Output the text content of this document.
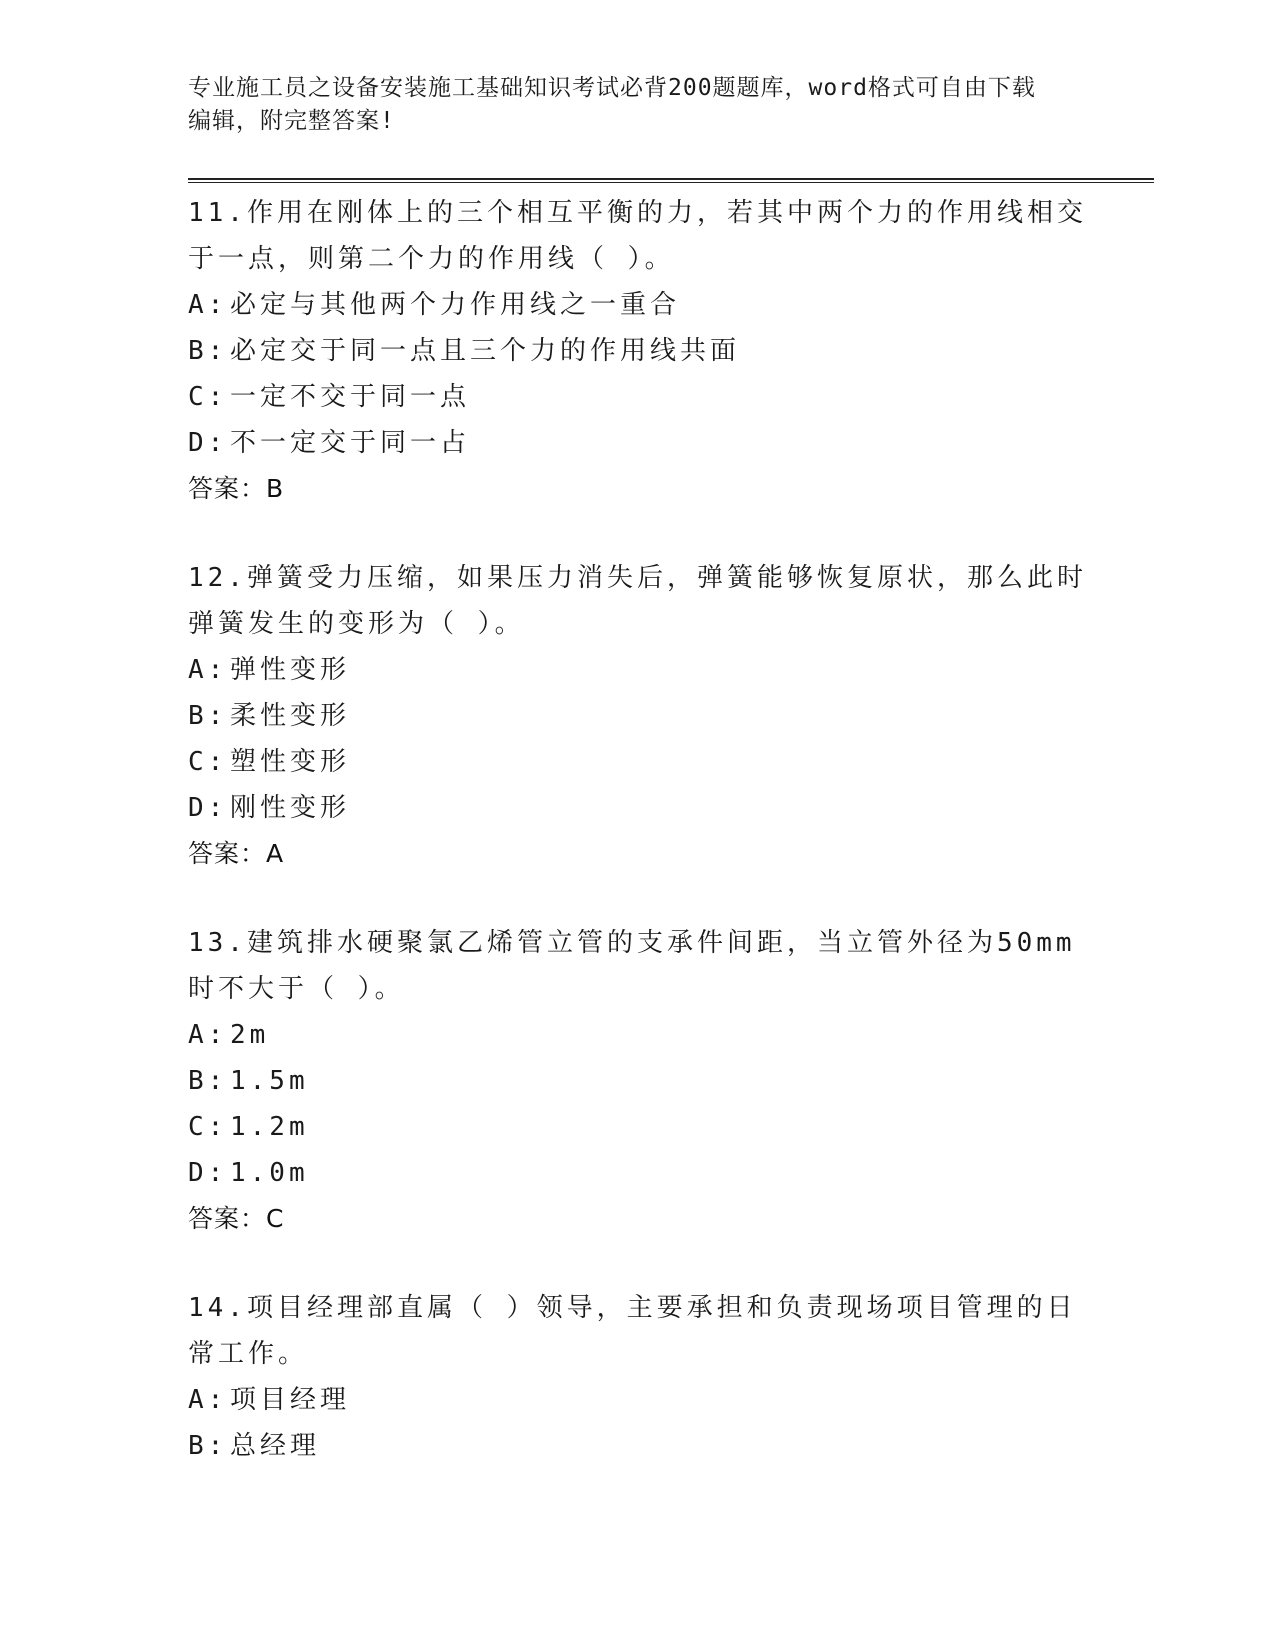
专业施工员之设备安装施工基础知识考试必背200题题库，word格式可自由下载
编辑，附完整答案!

11.作用在刚体上的三个相互平衡的力，若其中两个力的作用线相交于一点，则第二个力的作用线（ ）。

A: 必定与其他两个力作用线之一重合
B: 必定交于同一点且三个力的作用线共面
C: 一定不交于同一点
D: 不一定交于同一占
答案：B

12.弹簧受力压缩，如果压力消失后，弹簧能够恢复原状，那么此时弹簧发生的变形为（ ）。

A: 弹性变形
B: 柔性变形
C: 塑性变形
D: 刚性变形
答案：A

13.建筑排水硬聚氯乙烯管立管的支承件间距，当立管外径为50mm时不大于（ ）。

A: 2m
B: 1.5m
C: 1.2m
D: 1.0m
答案：C

14.项目经理部直属（ ）领导，主要承担和负责现场项目管理的日常工作。

A: 项目经理
B: 总经理
